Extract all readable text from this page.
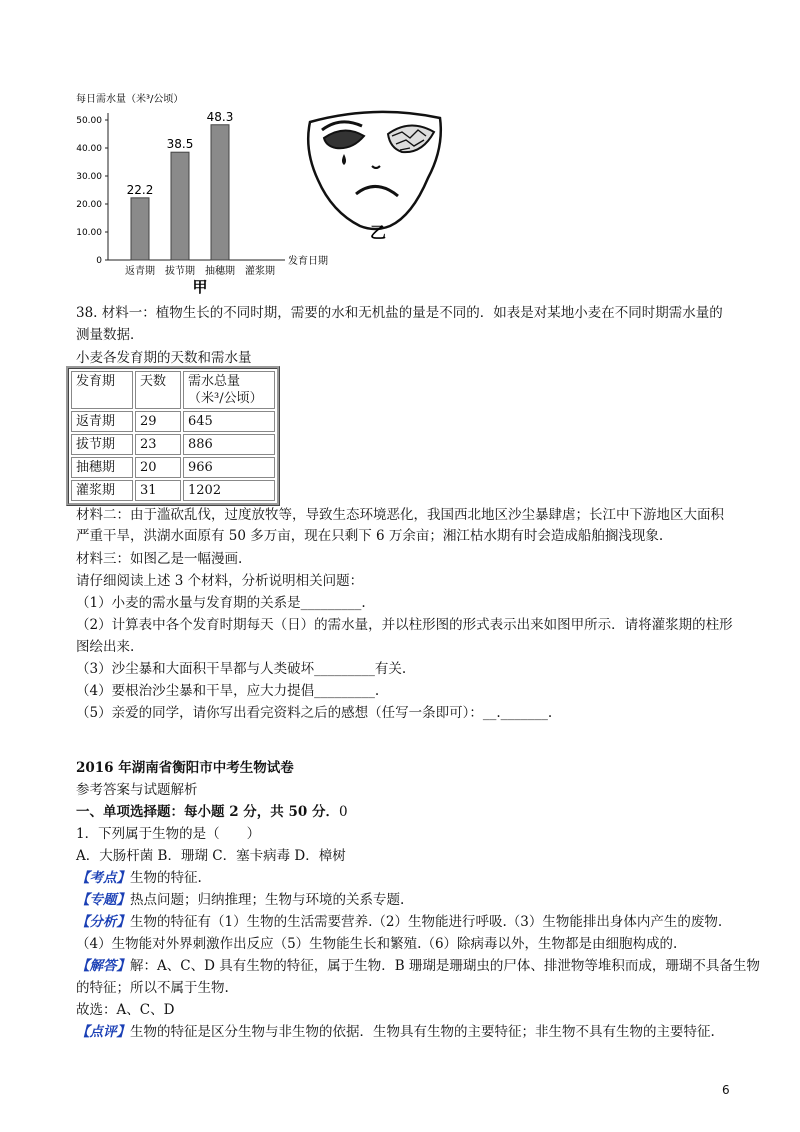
每日需水量（米³/公顷）
0
10.00
20.00
30.00
40.00
50.00
22.2
38.5
48.3
返青期 拔节期 抽穗期 灌浆期
发育日期
甲
乙
38. 材料一：植物生长的不同时期，需要的水和无机盐的量是不同的．如表是对某地小麦在不同时期需水量的
测量数据．
小麦各发育期的天数和需水量
发育期	天数	需水总量
（米³/公顷）
返青期	29	645
拔节期	23	886
抽穗期	20	966
灌浆期	31	1202
材料二：由于滥砍乱伐，过度放牧等，导致生态环境恶化，我国西北地区沙尘暴肆虐；长江中下游地区大面积
严重干旱，洪湖水面原有 50 多万亩，现在只剩下 6 万余亩；湘江枯水期有时会造成船舶搁浅现象.
材料三：如图乙是一幅漫画.
请仔细阅读上述 3 个材料，分析说明相关问题：
（1）小麦的需水量与发育期的关系是_________.
（2）计算表中各个发育时期每天（日）的需水量，并以柱形图的形式表示出来如图甲所示．请将灌浆期的柱形
图绘出来.
（3）沙尘暴和大面积干旱都与人类破坏_________有关.
（4）要根治沙尘暴和干旱，应大力提倡_________.
（5）亲爱的同学，请你写出看完资料之后的感想（任写一条即可）：__._______.
2016 年湖南省衡阳市中考生物试卷
参考答案与试题解析
一、单项选择题：每小题 2 分，共 50 分．0
1．下列属于生物的是（　　）
A．大肠杆菌 B．珊瑚 C．塞卡病毒 D．樟树
【考点】生物的特征.
【专题】热点问题；归纳推理；生物与环境的关系专题.
【分析】生物的特征有（1）生物的生活需要营养.（2）生物能进行呼吸.（3）生物能排出身体内产生的废物.
（4）生物能对外界刺激作出反应（5）生物能生长和繁殖.（6）除病毒以外，生物都是由细胞构成的.
【解答】解：A、C、D 具有生物的特征，属于生物．B 珊瑚是珊瑚虫的尸体、排泄物等堆积而成，珊瑚不具备生物
的特征；所以不属于生物.
故选：A、C、D
【点评】生物的特征是区分生物与非生物的依据．生物具有生物的主要特征；非生物不具有生物的主要特征.
6
